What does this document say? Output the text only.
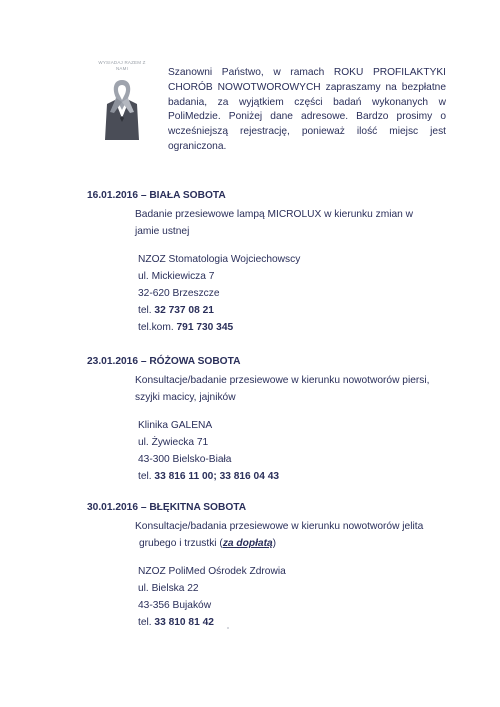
WYSIADAJ RAZEM Z NAMI	Szanowni Państwo, w ramach ROKU PROFILAKTYKI CHORÓB NOWOTWOROWYCH zapraszamy na bezpłatne badania, za wyjątkiem części badań wykonanych w PoliMedzie. Poniżej dane adresowe. Bardzo prosimy o wcześniejszą rejestrację, ponieważ ilość miejsc jest ograniczona.
16.01.2016 – BIAŁA SOBOTA
Badanie przesiewowe lampą MICROLUX w kierunku zmian w
jamie ustnej
NZOZ Stomatologia Wojciechowscy
ul. Mickiewicza 7
32-620 Brzeszcze
tel. 32 737 08 21
tel.kom. 791 730 345
23.01.2016 – RÓŻOWA SOBOTA
Konsultacje/badanie przesiewowe w kierunku nowotworów piersi,
szyjki macicy, jajników
Klinika GALENA
ul. Żywiecka 71
43-300 Bielsko-Biała
tel. 33 816 11 00; 33 816 04 43
30.01.2016 – BŁĘKITNA SOBOTA
Konsultacje/badania przesiewowe w kierunku nowotworów jelita
grubego i trzustki (za dopłatą)
NZOZ PoliMed Ośrodek Zdrowia
ul. Bielska 22
43-356 Bujaków
tel. 33 810 81 42
